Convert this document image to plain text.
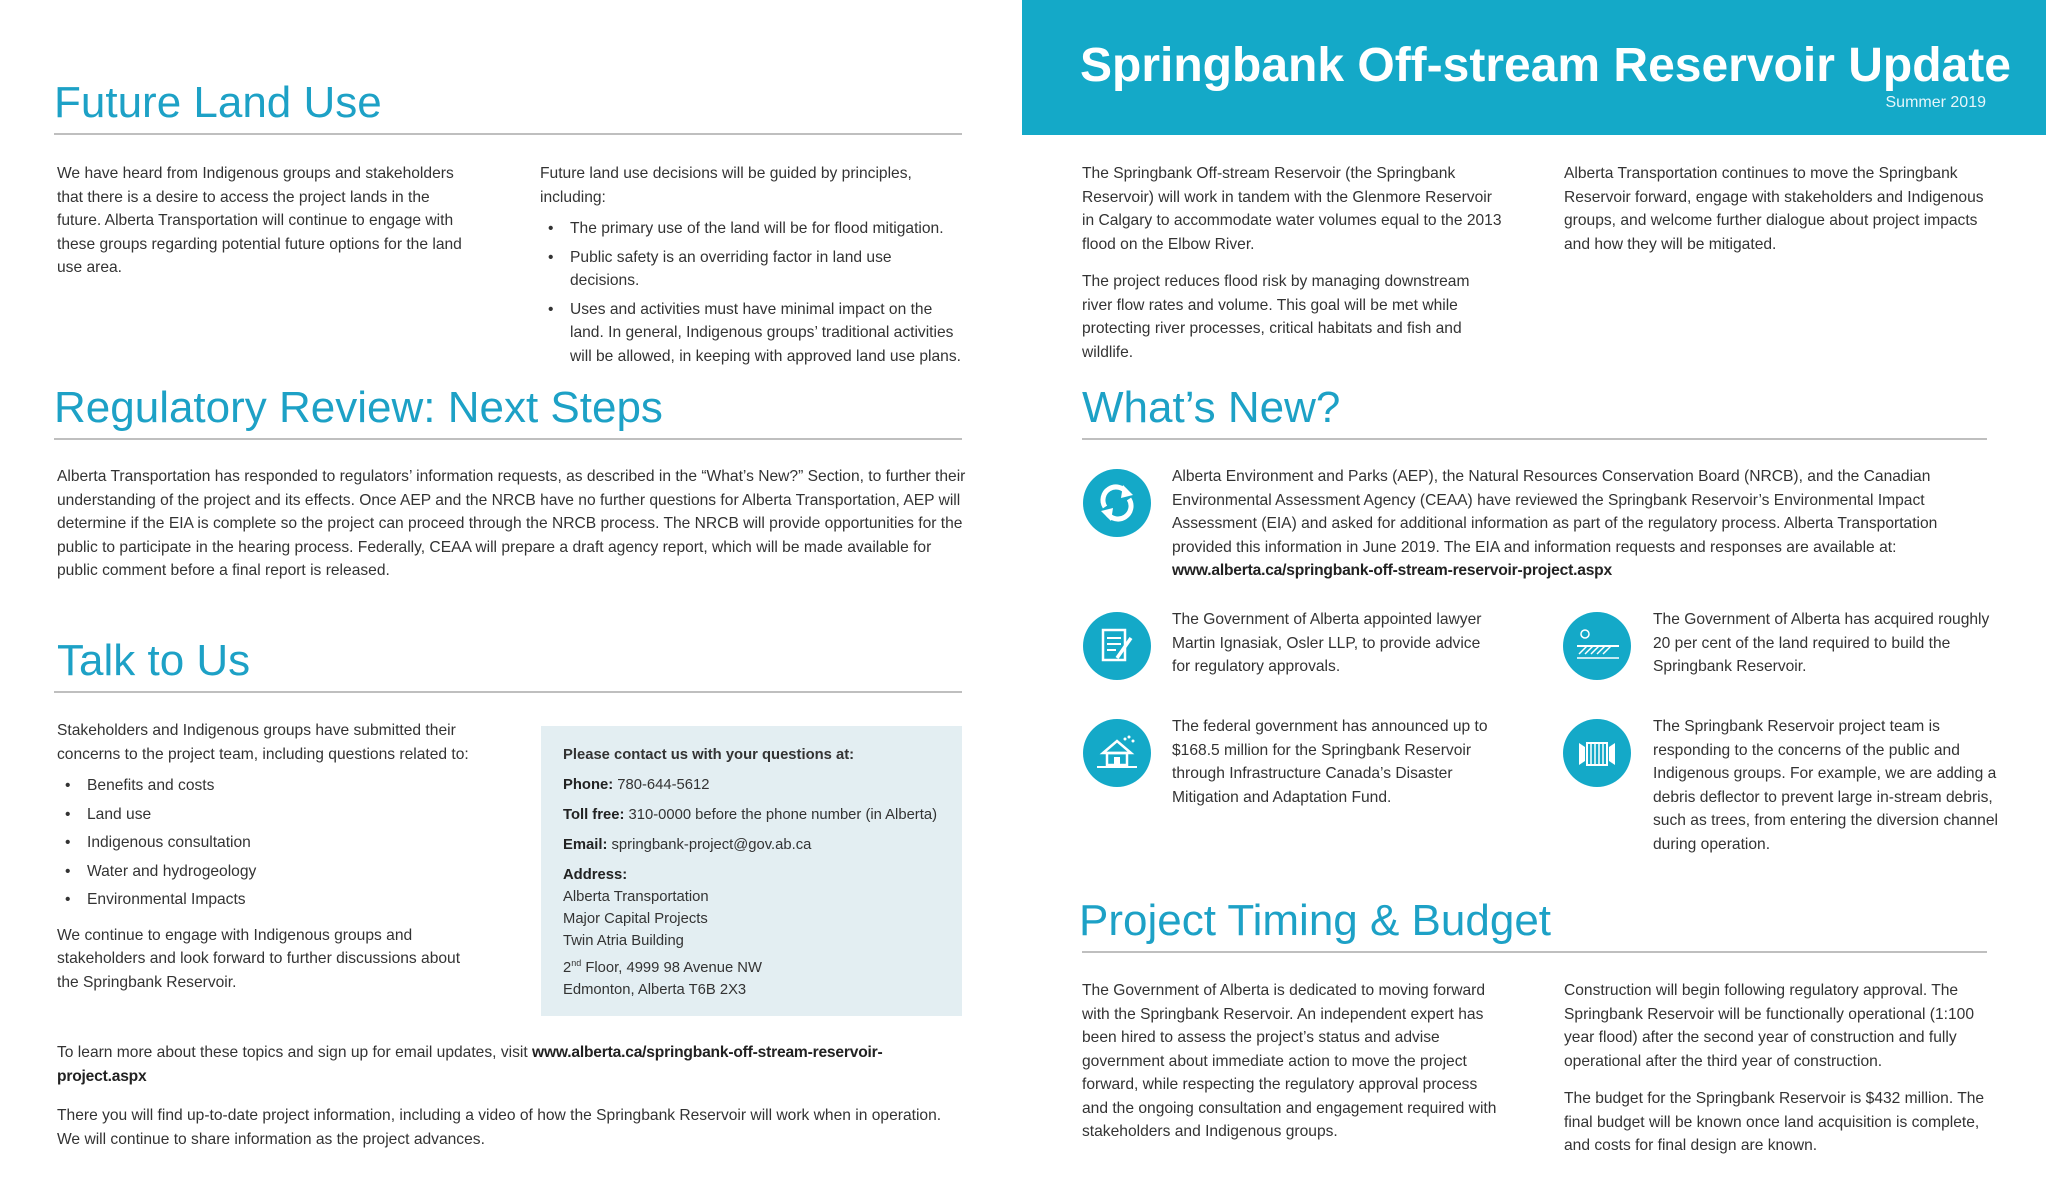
Future Land Use

We have heard from Indigenous groups and stakeholders that there is a desire to access the project lands in the future. Alberta Transportation will continue to engage with these groups regarding potential future options for the land use area.

Future land use decisions will be guided by principles, including:

• The primary use of the land will be for flood mitigation.
• Public safety is an overriding factor in land use decisions.
• Uses and activities must have minimal impact on the land. In general, Indigenous groups’ traditional activities will be allowed, in keeping with approved land use plans.
Regulatory Review: Next Steps

Alberta Transportation has responded to regulators’ information requests, as described in the “What’s New?” Section, to further their understanding of the project and its effects. Once AEP and the NRCB have no further questions for Alberta Transportation, AEP will determine if the EIA is complete so the project can proceed through the NRCB process. The NRCB will provide opportunities for the public to participate in the hearing process. Federally, CEAA will prepare a draft agency report, which will be made available for public comment before a final report is released.

Talk to Us

Stakeholders and Indigenous groups have submitted their concerns to the project team, including questions related to:

• Benefits and costs
• Land use
• Indigenous consultation
• Water and hydrogeology
• Environmental Impacts

We continue to engage with Indigenous groups and stakeholders and look forward to further discussions about the Springbank Reservoir.

Please contact us with your questions at:
Phone: 780-644-5612
Toll free: 310-0000 before the phone number (in Alberta)
Email: springbank-project@gov.ab.ca
Address:
Alberta Transportation
Major Capital Projects
Twin Atria Building
2nd Floor, 4999 98 Avenue NW
Edmonton, Alberta T6B 2X3

To learn more about these topics and sign up for email updates, visit www.alberta.ca/springbank-off-stream-reservoir-project.aspx

There you will find up-to-date project information, including a video of how the Springbank Reservoir will work when in operation. We will continue to share information as the project advances.

Springbank Off-stream Reservoir Update
Summer 2019

The Springbank Off-stream Reservoir (the Springbank Reservoir) will work in tandem with the Glenmore Reservoir in Calgary to accommodate water volumes equal to the 2013 flood on the Elbow River.

The project reduces flood risk by managing downstream river flow rates and volume. This goal will be met while protecting river processes, critical habitats and fish and wildlife.

Alberta Transportation continues to move the Springbank Reservoir forward, engage with stakeholders and Indigenous groups, and welcome further dialogue about project impacts and how they will be mitigated.

What’s New?

Alberta Environment and Parks (AEP), the Natural Resources Conservation Board (NRCB), and the Canadian Environmental Assessment Agency (CEAA) have reviewed the Springbank Reservoir’s Environmental Impact Assessment (EIA) and asked for additional information as part of the regulatory process. Alberta Transportation provided this information in June 2019. The EIA and information requests and responses are available at:

www.alberta.ca/springbank-off-stream-reservoir-project.aspx

The Government of Alberta appointed lawyer Martin Ignasiak, Osler LLP, to provide advice for regulatory approvals.

The Government of Alberta has acquired roughly 20 per cent of the land required to build the Springbank Reservoir.

The federal government has announced up to $168.5 million for the Springbank Reservoir through Infrastructure Canada’s Disaster Mitigation and Adaptation Fund.

The Springbank Reservoir project team is responding to the concerns of the public and Indigenous groups. For example, we are adding a debris deflector to prevent large in-stream debris, such as trees, from entering the diversion channel during operation.

Project Timing & Budget

The Government of Alberta is dedicated to moving forward with the Springbank Reservoir. An independent expert has been hired to assess the project’s status and advise government about immediate action to move the project forward, while respecting the regulatory approval process and the ongoing consultation and engagement required with stakeholders and Indigenous groups.

Construction will begin following regulatory approval. The Springbank Reservoir will be functionally operational (1:100 year flood) after the second year of construction and fully operational after the third year of construction.

The budget for the Springbank Reservoir is $432 million. The final budget will be known once land acquisition is complete, and costs for final design are known.
